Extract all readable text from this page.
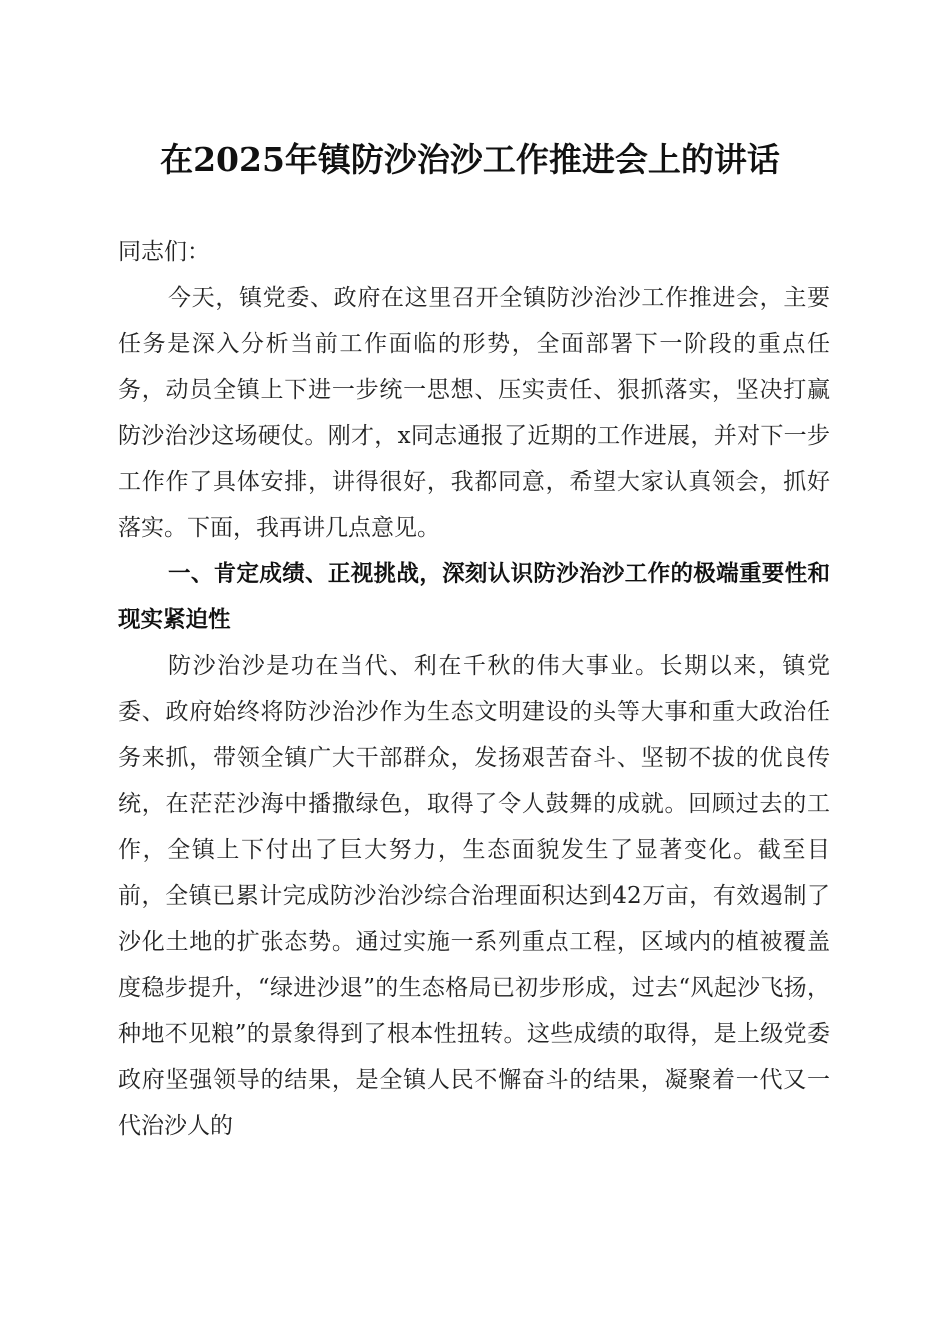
在2025年镇防沙治沙工作推进会上的讲话

同志们：

今天，镇党委、政府在这里召开全镇防沙治沙工作推进会，主要任务是深入分析当前工作面临的形势，全面部署下一阶段的重点任务，动员全镇上下进一步统一思想、压实责任、狠抓落实，坚决打赢防沙治沙这场硬仗。刚才，x同志通报了近期的工作进展，并对下一步工作作了具体安排，讲得很好，我都同意，希望大家认真领会，抓好落实。下面，我再讲几点意见。

一、肯定成绩、正视挑战，深刻认识防沙治沙工作的极端重要性和现实紧迫性

防沙治沙是功在当代、利在千秋的伟大事业。长期以来，镇党委、政府始终将防沙治沙作为生态文明建设的头等大事和重大政治任务来抓，带领全镇广大干部群众，发扬艰苦奋斗、坚韧不拔的优良传统，在茫茫沙海中播撒绿色，取得了令人鼓舞的成就。回顾过去的工作，全镇上下付出了巨大努力，生态面貌发生了显著变化。截至目前，全镇已累计完成防沙治沙综合治理面积达到42万亩，有效遏制了沙化土地的扩张态势。通过实施一系列重点工程，区域内的植被覆盖度稳步提升，“绿进沙退”的生态格局已初步形成，过去“风起沙飞扬，种地不见粮”的景象得到了根本性扭转。这些成绩的取得，是上级党委政府坚强领导的结果，是全镇人民不懈奋斗的结果，凝聚着一代又一代治沙人的
